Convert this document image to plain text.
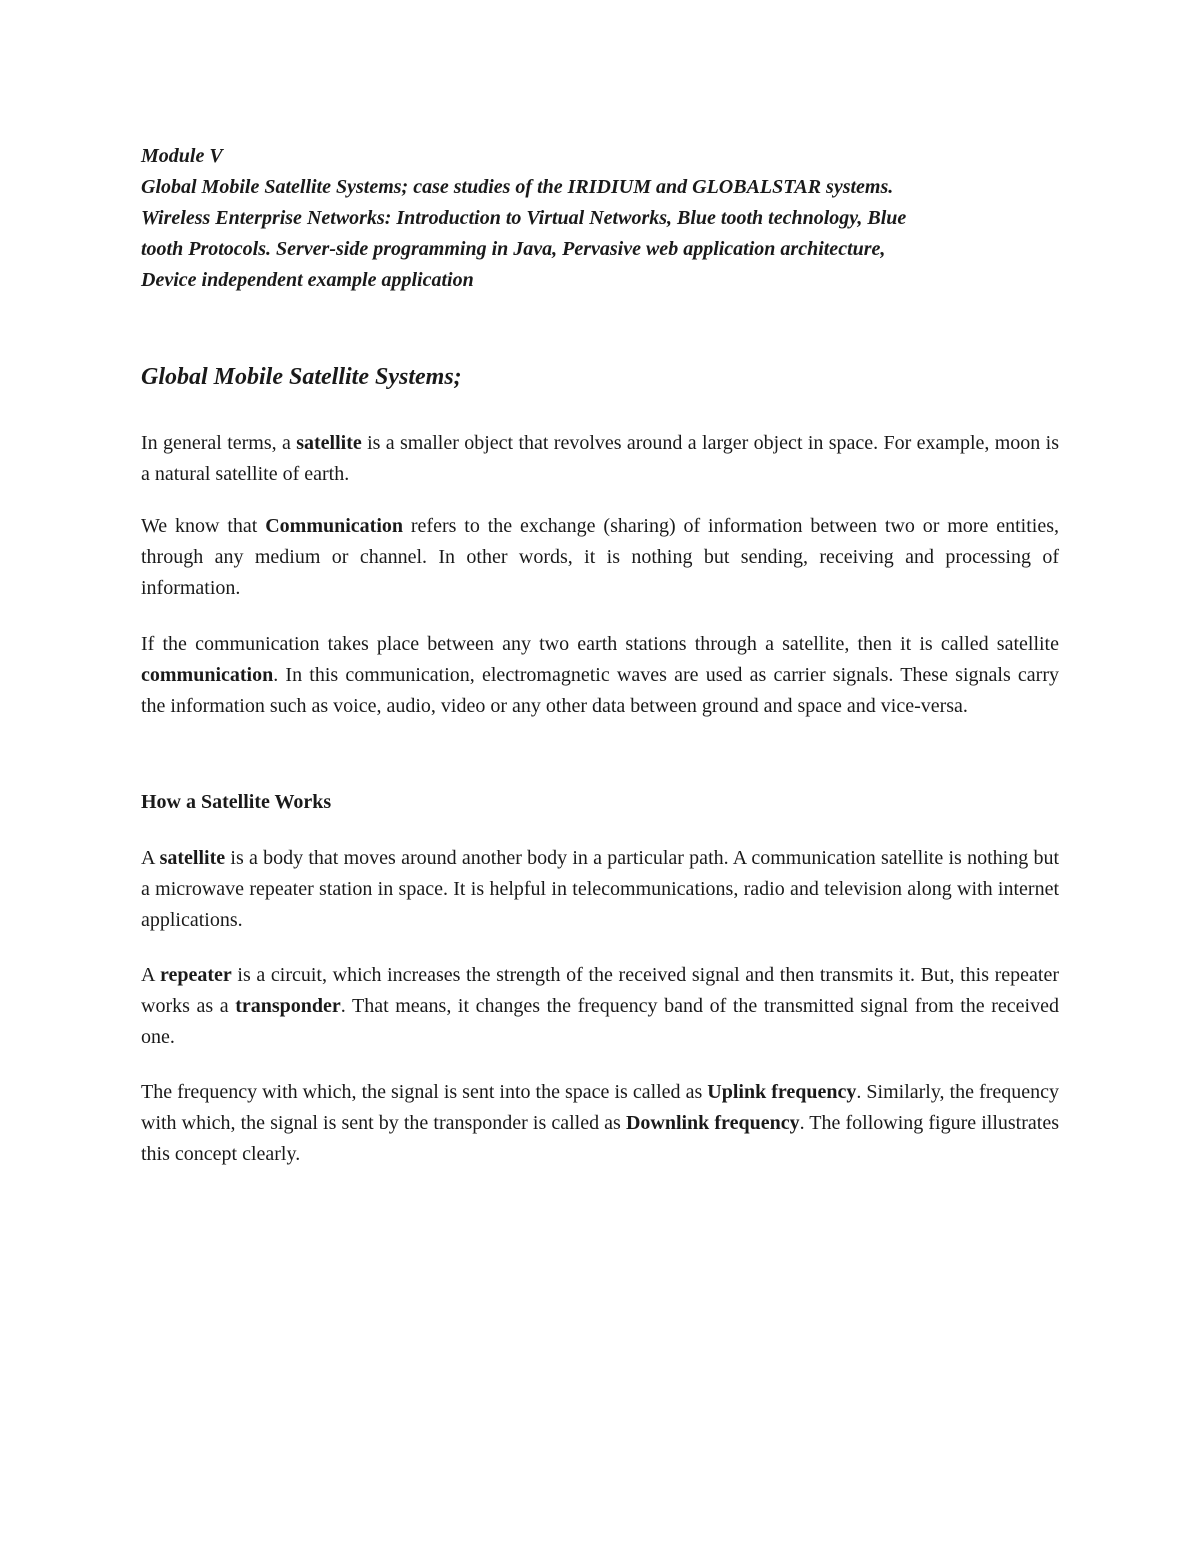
Module V

Global Mobile Satellite Systems; case studies of the IRIDIUM and GLOBALSTAR systems.

Wireless Enterprise Networks: Introduction to Virtual Networks, Blue tooth technology, Blue

tooth Protocols. Server-side programming in Java, Pervasive web application architecture,

Device independent example application

Global Mobile Satellite Systems;

In general terms, a satellite is a smaller object that revolves around a larger object in space. For example, moon is a natural satellite of earth.

We know that Communication refers to the exchange (sharing) of information between two or more entities, through any medium or channel. In other words, it is nothing but sending, receiving and processing of information.

If the communication takes place between any two earth stations through a satellite, then it is called satellite communication. In this communication, electromagnetic waves are used as carrier signals. These signals carry the information such as voice, audio, video or any other data between ground and space and vice-versa.

How a Satellite Works

A satellite is a body that moves around another body in a particular path. A communication satellite is nothing but a microwave repeater station in space. It is helpful in telecommunications, radio and television along with internet applications.

A repeater is a circuit, which increases the strength of the received signal and then transmits it. But, this repeater works as a transponder. That means, it changes the frequency band of the transmitted signal from the received one.

The frequency with which, the signal is sent into the space is called as Uplink frequency. Similarly, the frequency with which, the signal is sent by the transponder is called as Downlink frequency. The following figure illustrates this concept clearly.
